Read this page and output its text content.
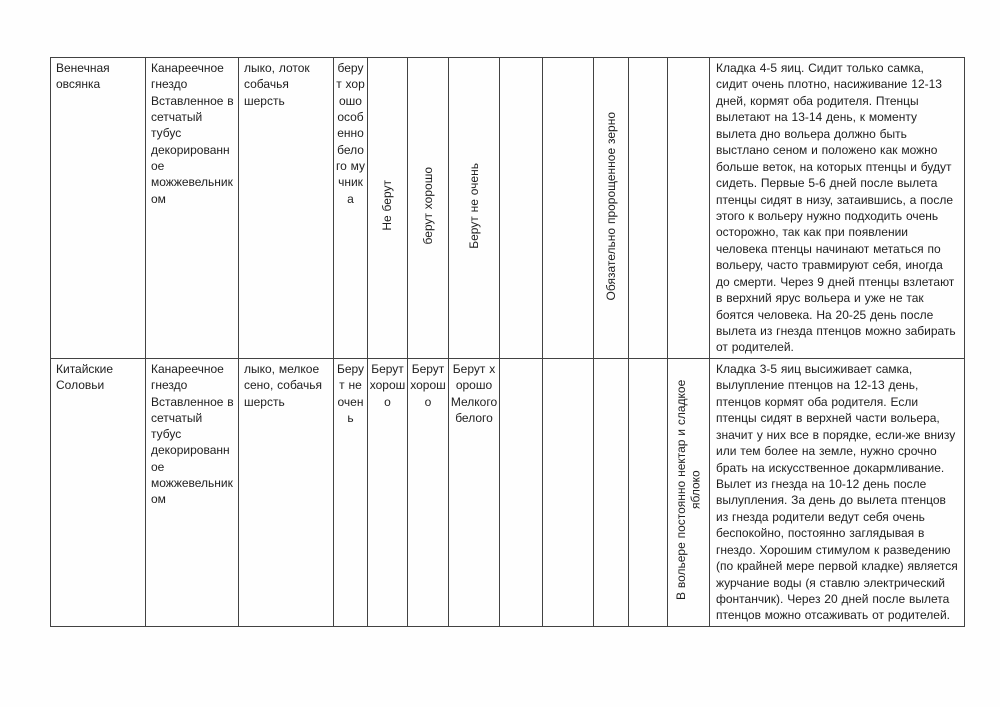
Венечная овсянка	Канареечное гнездо Вставленное в сетчатый тубус декорированное можжевельником	лыко, лоток собачья шерсть	берут хорошо особенно белого мучника	Не берут	берут хорошо	Берут не очень			Обязательно пророщенное зерно			Кладка 4-5 яиц. Сидит только самка, сидит очень плотно, насиживание 12-13 дней, кормят оба родителя. Птенцы вылетают на 13-14 день, к моменту вылета дно вольера должно быть выстлано сеном и положено как можно больше веток, на которых птенцы и будут сидеть. Первые 5-6 дней после вылета птенцы сидят в низу, затаившись, а после этого к вольеру нужно подходить очень осторожно, так как при появлении человека птенцы начинают метаться по вольеру, часто травмируют себя, иногда до смерти. Через 9 дней птенцы взлетают в верхний ярус вольера и уже не так боятся человека. На 20-25 день после вылета из гнезда птенцов можно забирать от родителей.
Китайские Соловьи	Канареечное гнездо Вставленное в сетчатый тубус декорированное можжевельником	лыко, мелкое сено, собачья шерсть	Берут не очень	Берут хорошо	Берут хорошо	Берут хорошо Мелкого белого					В вольере постоянно нектар и сладкое яблоко	Кладка 3-5 яиц высиживает самка, вылупление птенцов на 12-13 день, птенцов кормят оба родителя. Если птенцы сидят в верхней части вольера, значит у них все в порядке, если-же внизу или тем более на земле, нужно срочно брать на искусственное докармливание. Вылет из гнезда на 10-12 день после вылупления. За день до вылета птенцов из гнезда родители ведут себя очень беспокойно, постоянно заглядывая в гнездо. Хорошим стимулом к разведению (по крайней мере первой кладке) является журчание воды (я ставлю электрический фонтанчик). Через 20 дней после вылета птенцов можно отсаживать от родителей.
